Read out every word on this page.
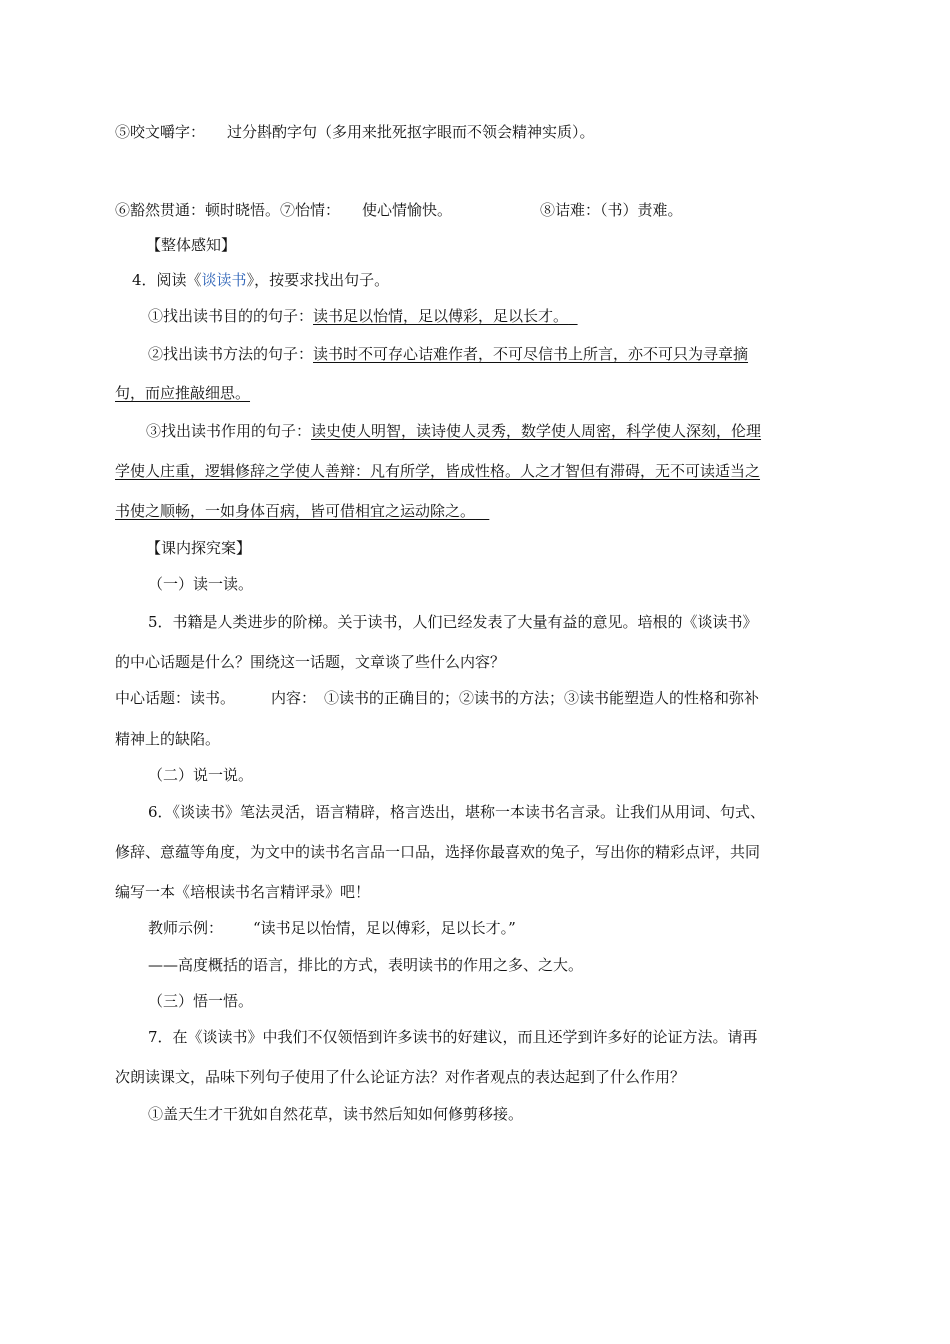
⑤咬文嚼字： 过分斟酌字句（多用来批死抠字眼而不领会精神实质）。
⑥豁然贯通：顿时晓悟。⑦怡情： 使心情愉快。	⑧诘难：（书）责难。
【整体感知】
4．阅读《谈读书》，按要求找出句子。
①找出读书目的的句子：读书足以怡情，足以傅彩，足以长才。
②找出读书方法的句子：读书时不可存心诘难作者，不可尽信书上所言，亦不可只为寻章摘
句，而应推敲细思。
③找出读书作用的句子：读史使人明智，读诗使人灵秀，数学使人周密，科学使人深刻，伦理
学使人庄重，逻辑修辞之学使人善辩：凡有所学，皆成性格。人之才智但有滞碍，无不可读适当之
书使之顺畅，一如身体百病，皆可借相宜之运动除之。
【课内探究案】
（一）读一读。
5．书籍是人类进步的阶梯。关于读书，人们已经发表了大量有益的意见。培根的《谈读书》
的中心话题是什么？围绕这一话题，文章谈了些什么内容？
中心话题：读书。 内容： ①读书的正确目的；②读书的方法；③读书能塑造人的性格和弥补
精神上的缺陷。
（二）说一说。
6．《谈读书》笔法灵活，语言精辟，格言迭出，堪称一本读书名言录。让我们从用词、句式、
修辞、意蕴等角度，为文中的读书名言品一口品，选择你最喜欢的兔子，写出你的精彩点评，共同
编写一本《培根读书名言精评录》吧！
教师示例： “读书足以怡情，足以傅彩，足以长才。”
——高度概括的语言，排比的方式，表明读书的作用之多、之大。
（三）悟一悟。
7．在《谈读书》中我们不仅领悟到许多读书的好建议，而且还学到许多好的论证方法。请再
次朗读课文，品味下列句子使用了什么论证方法？对作者观点的表达起到了什么作用？
①盖天生才干犹如自然花草，读书然后知如何修剪移接。
